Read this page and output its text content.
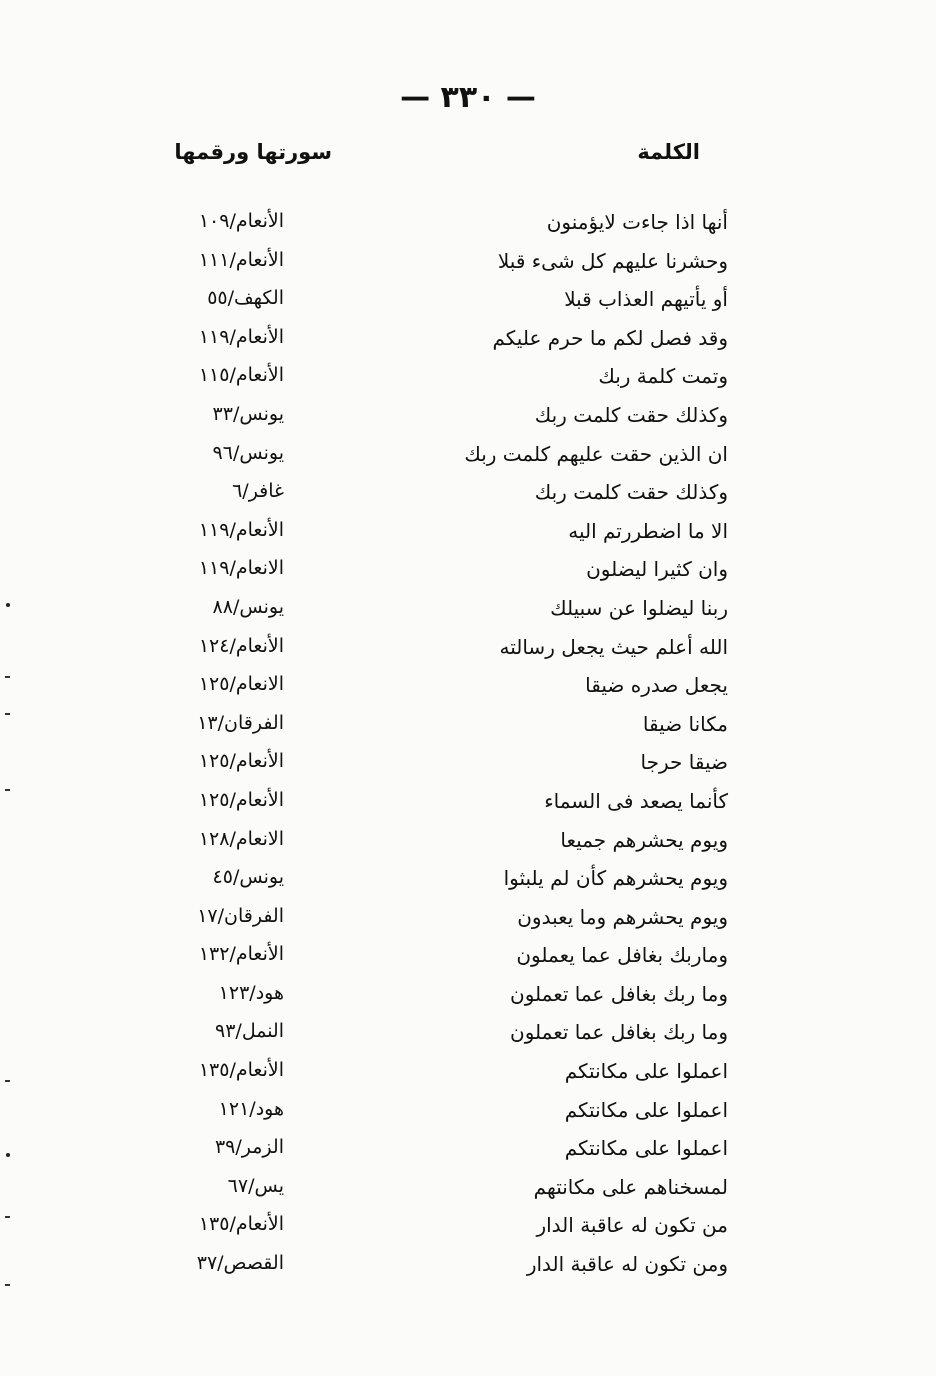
— ٣٣٠ —
الكلمة
سورتها ورقمها
أنها اذا جاءت لايؤمنون
الأنعام/١٠٩
وحشرنا عليهم كل شىء قبلا
الأنعام/١١١
أو يأتيهم العذاب قبلا
الكهف/٥٥
وقد فصل لكم ما حرم عليكم
الأنعام/١١٩
وتمت كلمة ربك
الأنعام/١١٥
وكذلك حقت كلمت ربك
يونس/٣٣
ان الذين حقت عليهم كلمت ربك
يونس/٩٦
وكذلك حقت كلمت ربك
غافر/٦
الا ما اضطررتم اليه
الأنعام/١١٩
وان كثيرا ليضلون
الانعام/١١٩
ربنا ليضلوا عن سبيلك
يونس/٨٨
الله أعلم حيث يجعل رسالته
الأنعام/١٢٤
يجعل صدره ضيقا
الانعام/١٢٥
مكانا ضيقا
الفرقان/١٣
ضيقا حرجا
الأنعام/١٢٥
كأنما يصعد فى السماء
الأنعام/١٢٥
ويوم يحشرهم جميعا
الانعام/١٢٨
ويوم يحشرهم كأن لم يلبثوا
يونس/٤٥
ويوم يحشرهم وما يعبدون
الفرقان/١٧
وماربك بغافل عما يعملون
الأنعام/١٣٢
وما ربك بغافل عما تعملون
هود/١٢٣
وما ربك بغافل عما تعملون
النمل/٩٣
اعملوا على مكانتكم
الأنعام/١٣٥
اعملوا على مكانتكم
هود/١٢١
اعملوا على مكانتكم
الزمر/٣٩
لمسخناهم على مكانتهم
يس/٦٧
من تكون له عاقبة الدار
الأنعام/١٣٥
ومن تكون له عاقبة الدار
القصص/٣٧
